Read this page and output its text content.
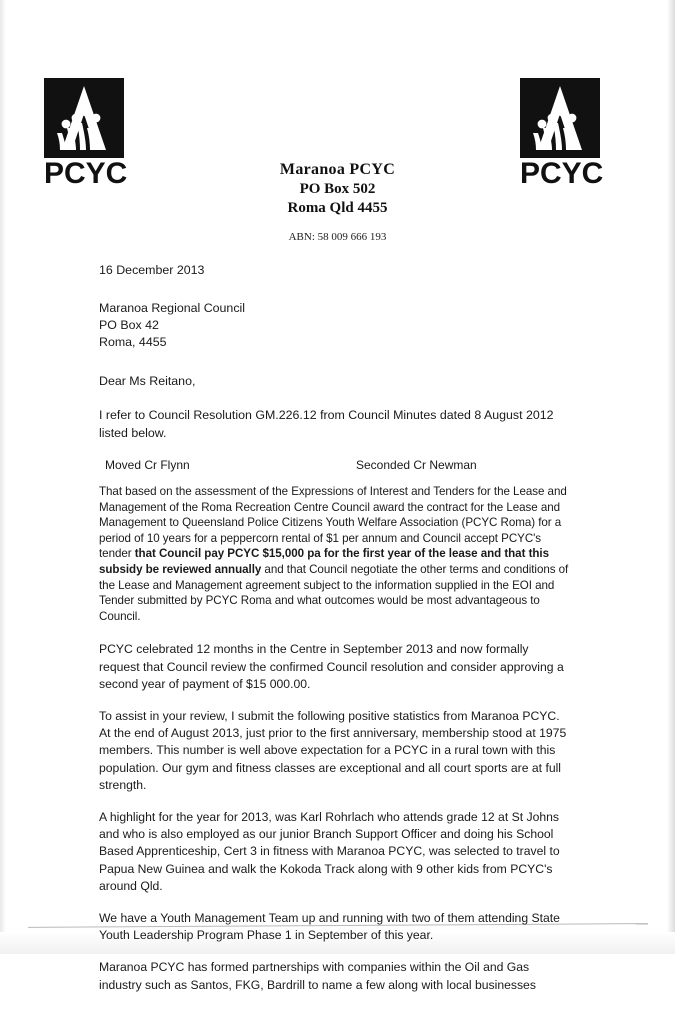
PCYC	PCYC
Maranoa PCYC
PO Box 502
Roma Qld 4455
ABN: 58 009 666 193
16 December 2013
Maranoa Regional Council
PO Box 42
Roma, 4455
Dear Ms Reitano,

I refer to Council Resolution GM.226.12 from Council Minutes dated 8 August 2012 listed below.

Moved Cr Flynn	Seconded Cr Newman

That based on the assessment of the Expressions of Interest and Tenders for the Lease and Management of the Roma Recreation Centre Council award the contract for the Lease and Management to Queensland Police Citizens Youth Welfare Association (PCYC Roma) for a period of 10 years for a peppercorn rental of $1 per annum and Council accept PCYC's tender that Council pay PCYC $15,000 pa for the first year of the lease and that this subsidy be reviewed annually and that Council negotiate the other terms and conditions of the Lease and Management agreement subject to the information supplied in the EOI and Tender submitted by PCYC Roma and what outcomes would be most advantageous to Council.

PCYC celebrated 12 months in the Centre in September 2013 and now formally request that Council review the confirmed Council resolution and consider approving a second year of payment of $15 000.00.

To assist in your review, I submit the following positive statistics from Maranoa PCYC. At the end of August 2013, just prior to the first anniversary, membership stood at 1975 members. This number is well above expectation for a PCYC in a rural town with this population. Our gym and fitness classes are exceptional and all court sports are at full strength.

A highlight for the year for 2013, was Karl Rohrlach who attends grade 12 at St Johns and who is also employed as our junior Branch Support Officer and doing his School Based Apprenticeship, Cert 3 in fitness with Maranoa PCYC, was selected to travel to Papua New Guinea and walk the Kokoda Track along with 9 other kids from PCYC's around Qld.

We have a Youth Management Team up and running with two of them attending State Youth Leadership Program Phase 1 in September of this year.

Maranoa PCYC has formed partnerships with companies within the Oil and Gas industry such as Santos, FKG, Bardrill to name a few along with local businesses
